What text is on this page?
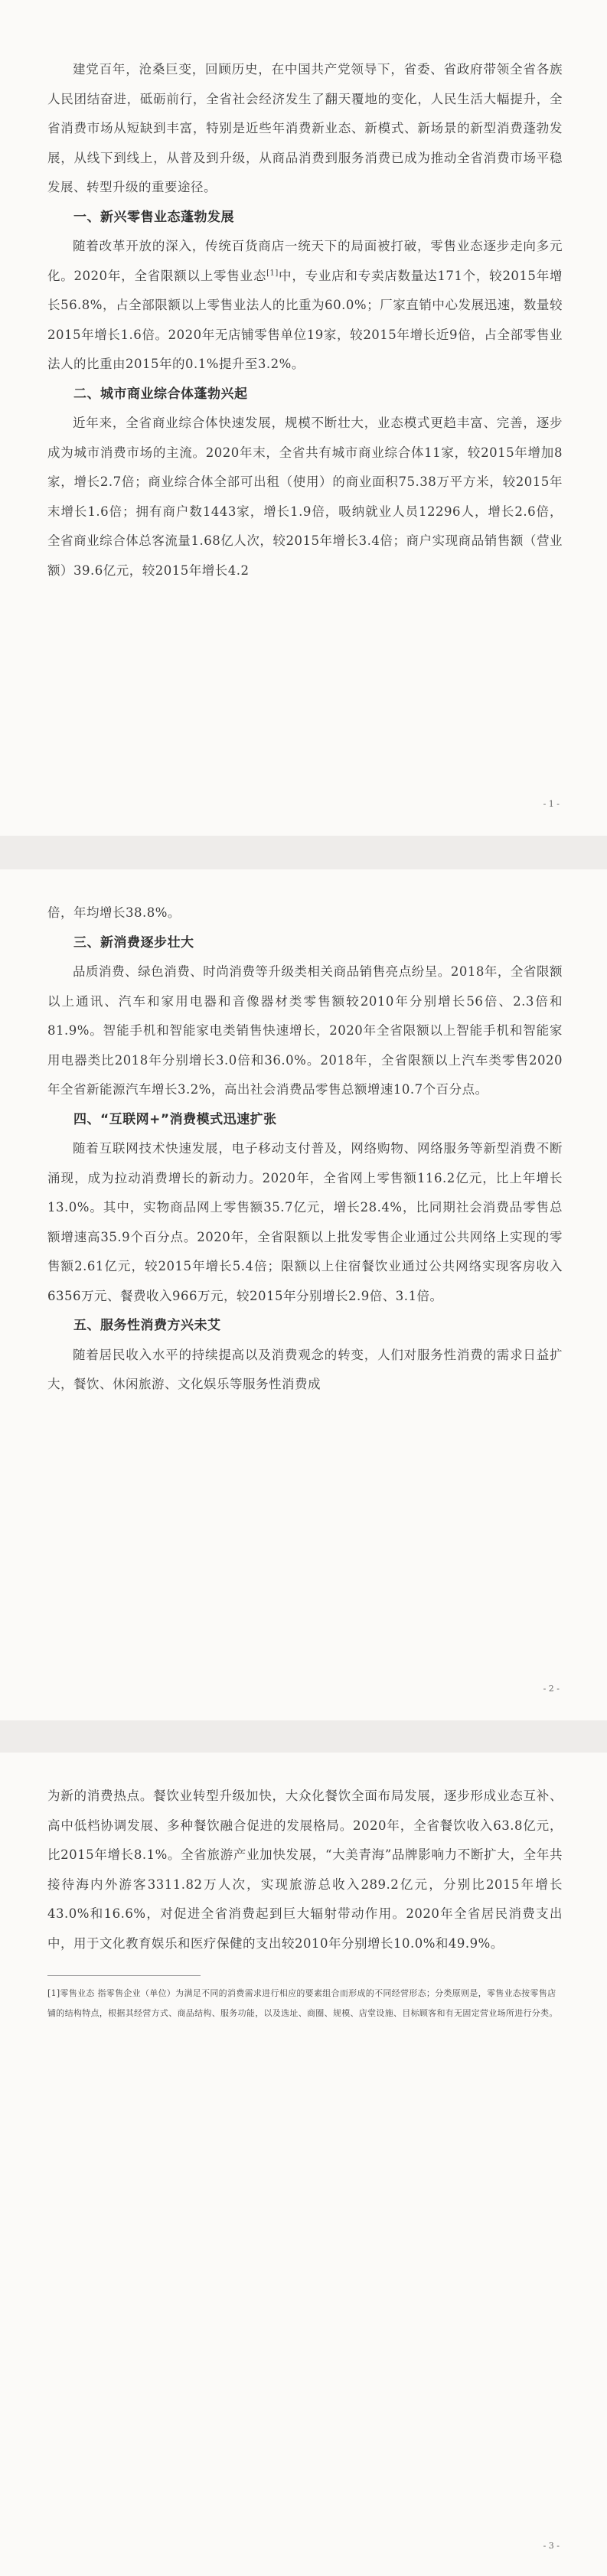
建党百年，沧桑巨变，回顾历史，在中国共产党领导下，省委、省政府带领全省各族人民团结奋进，砥砺前行，全省社会经济发生了翻天覆地的变化，人民生活大幅提升，全省消费市场从短缺到丰富，特别是近些年消费新业态、新模式、新场景的新型消费蓬勃发展，从线下到线上，从普及到升级，从商品消费到服务消费已成为推动全省消费市场平稳发展、转型升级的重要途径。

一、新兴零售业态蓬勃发展

随着改革开放的深入，传统百货商店一统天下的局面被打破，零售业态逐步走向多元化。2020年，全省限额以上零售业态[1]中，专业店和专卖店数量达171个，较2015年增长56.8%，占全部限额以上零售业法人的比重为60.0%；厂家直销中心发展迅速，数量较2015年增长1.6倍。2020年无店铺零售单位19家，较2015年增长近9倍，占全部零售业法人的比重由2015年的0.1%提升至3.2%。

二、城市商业综合体蓬勃兴起

近年来，全省商业综合体快速发展，规模不断壮大，业态模式更趋丰富、完善，逐步成为城市消费市场的主流。2020年末，全省共有城市商业综合体11家，较2015年增加8家，增长2.7倍；商业综合体全部可出租（使用）的商业面积75.38万平方米，较2015年末增长1.6倍；拥有商户数1443家，增长1.9倍，吸纳就业人员12296人，增长2.6倍，全省商业综合体总客流量1.68亿人次，较2015年增长3.4倍；商户实现商品销售额（营业额）39.6亿元，较2015年增长4.2

- 1 -

倍，年均增长38.8%。

三、新消费逐步壮大

品质消费、绿色消费、时尚消费等升级类相关商品销售亮点纷呈。2018年，全省限额以上通讯、汽车和家用电器和音像器材类零售额较2010年分别增长56倍、2.3倍和81.9%。智能手机和智能家电类销售快速增长，2020年全省限额以上智能手机和智能家用电器类比2018年分别增长3.0倍和36.0%。2018年，全省限额以上汽车类零售2020年全省新能源汽车增长3.2%，高出社会消费品零售总额增速10.7个百分点。

四、“互联网+”消费模式迅速扩张

随着互联网技术快速发展，电子移动支付普及，网络购物、网络服务等新型消费不断涌现，成为拉动消费增长的新动力。2020年，全省网上零售额116.2亿元，比上年增长13.0%。其中，实物商品网上零售额35.7亿元，增长28.4%，比同期社会消费品零售总额增速高35.9个百分点。2020年，全省限额以上批发零售企业通过公共网络上实现的零售额2.61亿元，较2015年增长5.4倍；限额以上住宿餐饮业通过公共网络实现客房收入6356万元、餐费收入966万元，较2015年分别增长2.9倍、3.1倍。

五、服务性消费方兴未艾

随着居民收入水平的持续提高以及消费观念的转变，人们对服务性消费的需求日益扩大，餐饮、休闲旅游、文化娱乐等服务性消费成

- 2 -

为新的消费热点。餐饮业转型升级加快，大众化餐饮全面布局发展，逐步形成业态互补、高中低档协调发展、多种餐饮融合促进的发展格局。2020年，全省餐饮收入63.8亿元，比2015年增长8.1%。全省旅游产业加快发展，“大美青海”品牌影响力不断扩大，全年共接待海内外游客3311.82万人次，实现旅游总收入289.2亿元，分别比2015年增长43.0%和16.6%，对促进全省消费起到巨大辐射带动作用。2020年全省居民消费支出中，用于文化教育娱乐和医疗保健的支出较2010年分别增长10.0%和49.9%。

[1]零售业态 指零售企业（单位）为满足不同的消费需求进行相应的要素组合而形成的不同经营形态；分类原则是，零售业态按零售店铺的结构特点，根据其经营方式、商品结构、服务功能，以及选址、商圈、规模、店堂设施、目标顾客和有无固定营业场所进行分类。

- 3 -
